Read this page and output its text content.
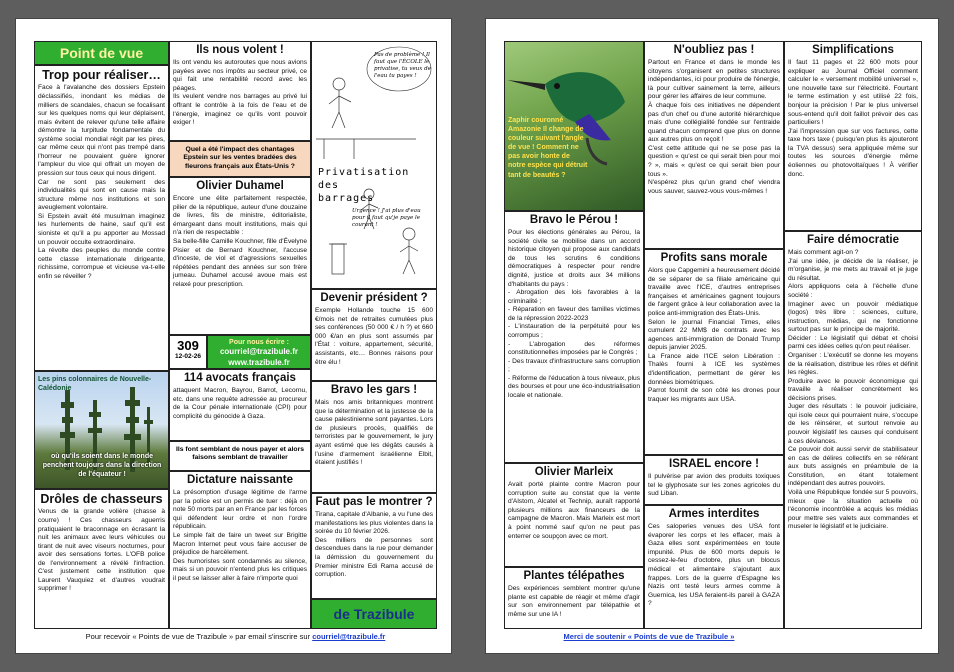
Point de vue
Trop pour réaliser…
Face à l'avalanche des dossiers Epstein déclassifiés, inondant les médias de milliers de scandales, chacun se focalisant sur les quelques noms qui leur déplaisent, mais évitent de relever qu'une telle affaire démontre la turpitude fondamentale du système social mondial régit par les pires, car même ceux qui n'ont pas trempé dans l'horreur ne pouvaient guère ignorer l'ampleur du vice qui offrait un moyen de pression sur tous ceux qui nous dirigent.
Car ne sont pas seulement des individualités qui sont en cause mais la structure même nos institutions et son aveuglement volontaire.
Si Epstein avait été musulman imaginez les hurlements de haine, sauf qu'il est sioniste et qu'il a pu apporter au Mossad un pouvoir occulte extraordinaire.
La révolte des peuples du monde contre cette classe internationale dirigeante, richissime, corrompue et vicieuse va-t-elle enfin se réveiller ?
Les pins colonnaires de Nouvelle-Calédonie
où qu'ils soient dans le monde penchent toujours dans la direction de l'équateur !
Drôles de chasseurs
Venus de la grande volière (chasse à courre) ! Ces chasseurs aguerris pratiquaient le braconnage en écrasant la nuit les animaux avec leurs véhicules ou tirant de nuit avec viseurs nocturnes, pour avoir des sensations fortes. L'OFB police de l'environnement a révélé l'infraction. C'est justement cette institution que Laurent Vauquiez et d'autres voudrait supprimer !
Ils nous volent !
Ils ont vendu les autoroutes que nous avions payées avec nos impôts au secteur privé, ce qui fait une rentabilité record avec les péages.
Ils veulent vendre nos barrages au privé lui offrant le contrôle à la fois de l'eau et de l'énergie, imaginez ce qu'ils vont pouvoir exiger !
Quel a été l'impact des chantages Epstein sur les ventes bradées des fleurons français aux États-Unis ?
Olivier Duhamel
Encore une élite parfaitement respectée, pilier de la république, auteur d'une douzaine de livres, fils de ministre, éditorialiste, émargeant dans moult institutions, mais qui n'a rien de respectable :
Sa belle-fille Camille Kouchner, fille d'Évelyne Pisier et de Bernard Kouchner, l'accuse d'inceste, de viol et d'agressions sexuelles répétées pendant des années sur son frère jumeau. Duhamel accusé avoue mais est relaxé pour prescription.
309
12-02-26
Pour nous écrire :
courriel@trazibule.fr
www.trazibule.fr
114 avocats français
attaquent Macron, Bayrou, Barrot, Lecornu, etc. dans une requête adressée au procureur de la Cour pénale internationale (CPI) pour complicité du génocide à Gaza.
Ils font semblant de nous payer et alors faisons semblant de travailler
Dictature naissante
La présomption d'usage légitime de l'arme par la police est un permis de tuer : déjà on note 50 morts par an en France par les forces qui défendent leur ordre et non l'ordre républicain.
Le simple fait de faire un tweet sur Brigitte Macron Internet peut vous faire accuser de préjudice de harcèlement.
Des humoristes sont condamnés au silence, mais si un pouvoir n'entend plus les critiques il peut se laisser aller à faire n'importe quoi
Pas de problème ! Il faut que l'ÉCOLE le privatise, tu veux de l'eau tu payes !
Privatisation des barrages
Urgence ! J'ai plus d'eau pour il faut qu'je paye le courant !
Devenir président ?
Exemple Hollande touche 15 600 €/mois net de retraites cumulées plus ses conférences (50 000 € / h ?) et 660 000 €/an en plus sont assumés par l'État : voiture, appartement, sécurité, assistants, etc… Bonnes raisons pour être élu !
Bravo les gars !
Mais nos amis britanniques montrent que la détermination et la justesse de la cause palestinienne sont payantes. Lors de plusieurs procès, qualifiés de terroristes par le gouvernement, le jury ayant estimé que les dégâts causés à l'usine d'armement israélienne Elbit, étaient justifiés !
Faut pas le montrer ?
Tirana, capitale d'Albanie, a vu l'une des manifestations les plus violentes dans la soirée du 10 février 2026.
Des milliers de personnes sont descendues dans la rue pour demander la démission du gouvernement du Premier ministre Edi Rama accusé de corruption.
de Trazibule
Pour recevoir « Points de vue de Trazibule » par email s'inscrire sur courriel@trazibule.fr
Zaphir couronné Amazonie Il change de couleur suivant l'angle de vue ! Comment ne pas avoir honte de notre espèce qui détruit tant de beautés ?
Bravo le Pérou !
Pour les élections générales au Pérou, la société civile se mobilise dans un accord historique citoyen qui propose aux candidats de tous les scrutins 6 conditions démocratiques à respecter pour rendre dignité, justice et droits aux 34 millions d'habitants du pays :
- Abrogation des lois favorables à la criminalité ;
- Réparation en faveur des familles victimes de la répression 2022-2023
- L'instauration de la perpétuité pour les corrompus ;
- L'abrogation des réformes constitutionnelles imposées par le Congrès ;
- Des travaux d'infrastructure sans corruption ;
- Réforme de l'éducation à tous niveaux, plus des bourses et pour une éco-industrialisation locale et nationale.
Olivier Marleix
Avait porté plainte contre Macron pour corruption suite au constat que la vente d'Alstom, Alcatel et Technip, auraît rapporté plusieurs millions aux financeurs de la campagne de Macron. Mais Marleix est mort à point nommé sauf qu'on ne peut pas enterrer ce soupçon avec ce mort.
Plantes télépathes
Des expériences semblent montrer qu'une plante est capable de réagir et même d'agir sur son environnement par télépathie et même sur une IA !
N'oubliez pas !
Partout en France et dans le monde les citoyens s'organisent en petites structures indépendantes, ici pour produire de l'énergie, là pour cultiver sainement la terre, ailleurs pour gérer les affaires de leur commune.
À chaque fois ces initiatives ne dépendent pas d'un chef ou d'une autorité hiérarchique mais d'une collégialité fondée sur l'entraide quand chacun comprend que plus on donne aux autres plus on reçoit !
C'est cette attitude qui ne se pose pas la question « qu'est ce qui serait bien pour moi ? », mais « qu'est ce qui serait bien pour tous ».
N'espérez plus qu'un grand chef viendra vous sauver, sauvez-vous vous-mêmes !
Profits sans morale
Alors que Capgemini a heureusement décidé de se séparer de sa filiale américaine qui travaille avec l'ICE, d'autres entreprises françaises et américaines gagnent toujours de l'argent grâce à leur collaboration avec la police anti-immigration des États-Unis.
Selon le journal Financial Times, elles cumulent 22 MM$ de contrats avec les agences anti-immigration de Donald Trump depuis janvier 2025.
La France aide l'ICE selon Libération : Thalès fourni à ICE les systèmes d'identification, permettant de gérer les données biométriques.
Parrot fournit de son côté les drones pour traquer les migrants aux USA.
ISRAEL encore !
Il pulvérise par avion des produits toxiques tel le glyphosate sur les zones agricoles du sud Liban.
Armes interdites
Ces saloperies venues des USA font évaporer les corps et les effacer, mais à Gaza elles sont expérimentées en toute impunité. Plus de 600 morts depuis le cessez-le-feu d'octobre, plus un blocus médical et alimentaire s'ajoutant aux frappes. Lors de la guerre d'Espagne les Nazis ont testé leurs armes comme à Guernica, les USA feraient-ils pareil à GAZA ?
Simplifications
Il faut 11 pages et 22 600 mots pour expliquer au Journal Officiel comment calculer le « versement mobilité universel », une nouvelle taxe sur l'électricité. Fourtant le terme estimation y est utilisé 22 fois, bonjour la précision ! Par le plus universel sous-entend qu'il doit faillot prévoir des cas particuliers !
J'ai l'impression que sur vos factures, cette taxe hors taxe ( puisqu'en plus ils ajouteront la TVA dessus) sera appliquée même sur toutes les sources d'énergie même éoliennes ou photovoltaïques ! À vérifier donc.
Faire démocratie
Mais comment agit-on ?
J'ai une idée, je décide de la réaliser, je m'organise, je me mets au travail et je juge du résultat.
Alors appliquons cela à l'échelle d'une société :
Imaginer avec un pouvoir médiatique (logos) très libre : sciences, culture, instruction, médias, qui ne fonctionne surtout pas sur le principe de majorité.
Décider : Le législatif qui débat et choisi parmi ces idées celles qu'on peut réaliser.
Organiser : L'exécutif se donne les moyens de la réalisation, distribue les rôles et définit les règles.
Produire avec le pouvoir économique qui travaille à réaliser concrètement les décisions prises.
Juger des résultats : le pouvoir judiciaire, qui isole ceux qui pourraient nuire, s'occupe de les réinsérer, et surtout renvoie au pouvoir législatif les causes qui conduisent à ces déviances.
Ce pouvoir doit aussi servir de stabilisateur en cas de délires collectifs en se référant aux buts assignés en préambule de la Constitution, en étant totalement indépendant des autres pouvoirs.
Voilà une République fondée sur 5 pouvoirs, mieux que la situation actuelle où l'économie incontrôlée a acquis les médias pour mettre ses valets aux commandes et museler le législatif et le judiciaire.
Merci de soutenir « Points de vue de Trazibule »
